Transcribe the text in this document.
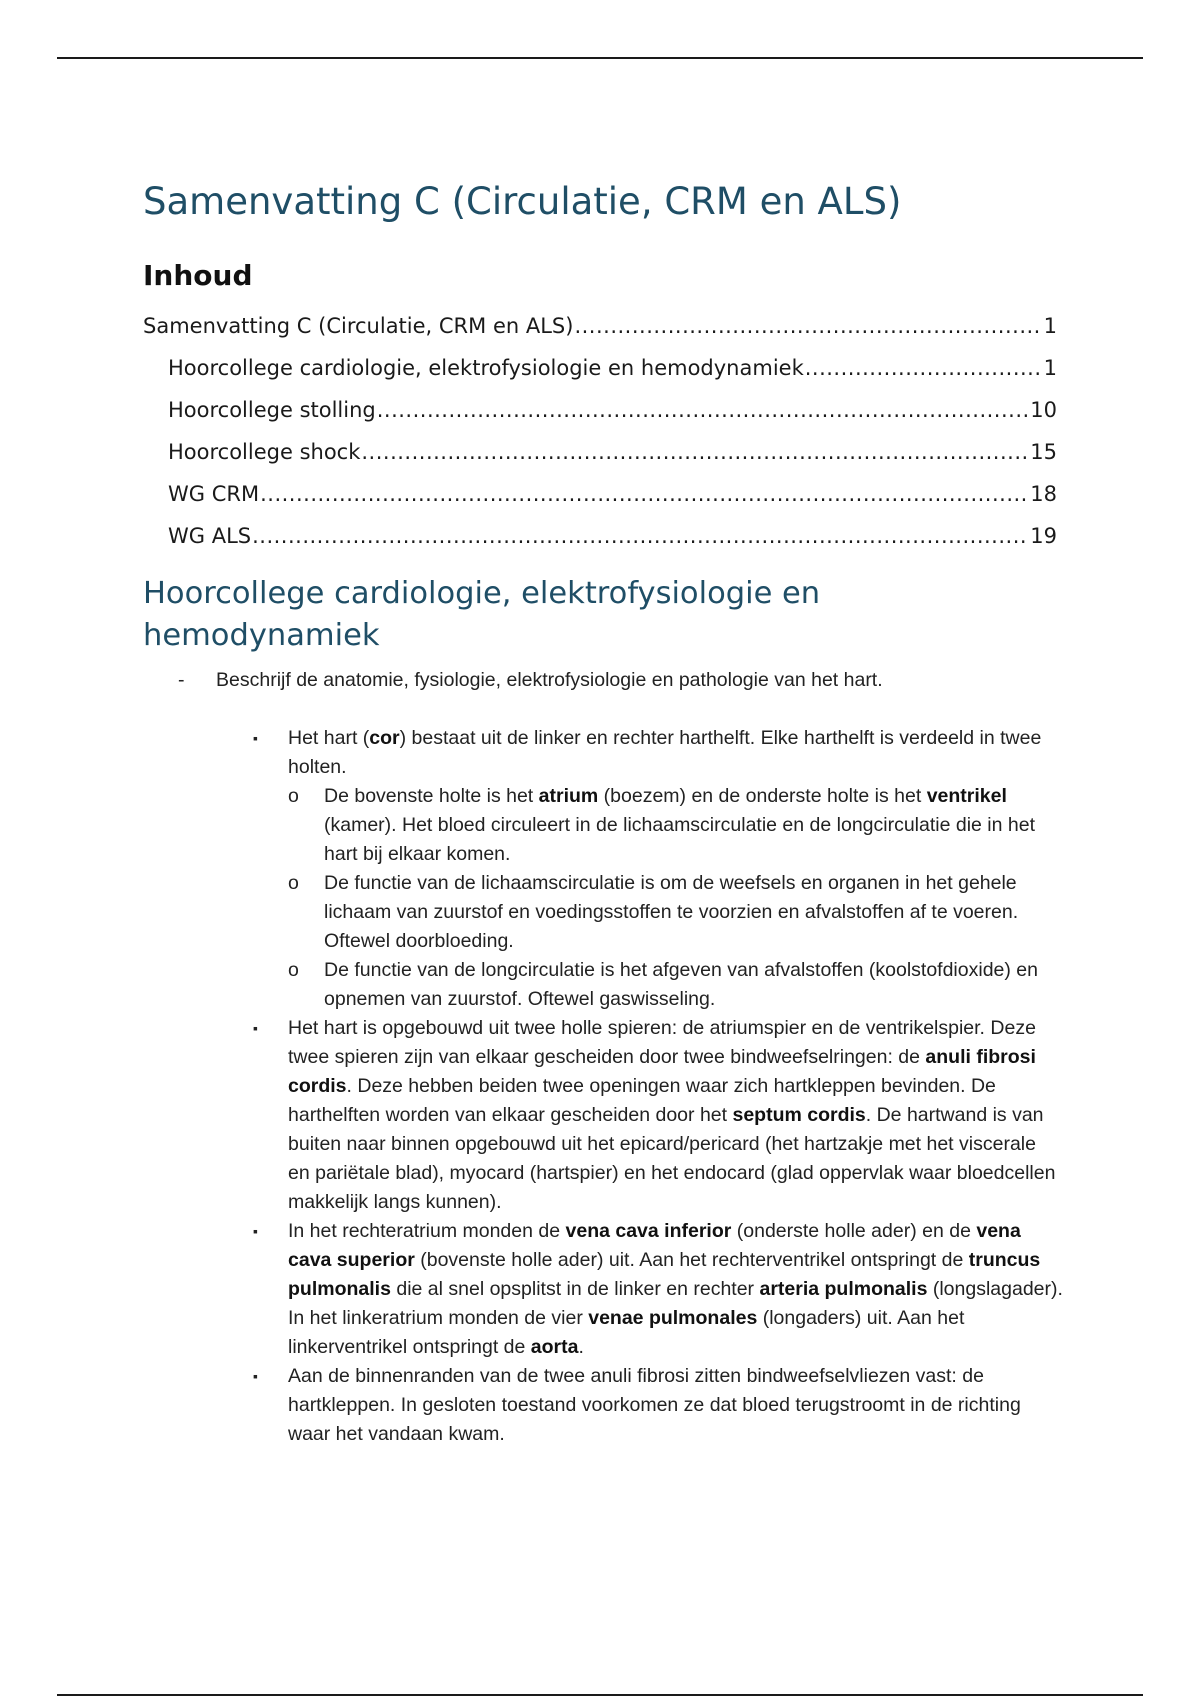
Samenvatting C (Circulatie, CRM en ALS)
Inhoud
Samenvatting C (Circulatie, CRM en ALS) .....	1
Hoorcollege cardiologie, elektrofysiologie en hemodynamiek .....	1
Hoorcollege stolling .....	10
Hoorcollege shock .....	15
WG CRM .....	18
WG ALS .....	19
Hoorcollege cardiologie, elektrofysiologie en hemodynamiek
- Beschrijf de anatomie, fysiologie, elektrofysiologie en pathologie van het hart.
▪	Het hart (cor) bestaat uit de linker en rechter harthelft. Elke harthelft is verdeeld in twee holten.
o De bovenste holte is het atrium (boezem) en de onderste holte is het ventrikel (kamer). Het bloed circuleert in de lichaamscirculatie en de longcirculatie die in het hart bij elkaar komen.
o De functie van de lichaamscirculatie is om de weefsels en organen in het gehele lichaam van zuurstof en voedingsstoffen te voorzien en afvalstoffen af te voeren. Oftewel doorbloeding.
o De functie van de longcirculatie is het afgeven van afvalstoffen (koolstofdioxide) en opnemen van zuurstof. Oftewel gaswisseling.
▪	Het hart is opgebouwd uit twee holle spieren: de atriumspier en de ventrikelspier. Deze twee spieren zijn van elkaar gescheiden door twee bindweefselringen: de anuli fibrosi cordis. Deze hebben beiden twee openingen waar zich hartkleppen bevinden. De harthelften worden van elkaar gescheiden door het septum cordis. De hartwand is van buiten naar binnen opgebouwd uit het epicard/pericard (het hartzakje met het viscerale en pariëtale blad), myocard (hartspier) en het endocard (glad oppervlak waar bloedcellen makkelijk langs kunnen).
▪	In het rechteratrium monden de vena cava inferior (onderste holle ader) en de vena cava superior (bovenste holle ader) uit. Aan het rechterventrikel ontspringt de truncus pulmonalis die al snel opsplitst in de linker en rechter arteria pulmonalis (longslagader). In het linkeratrium monden de vier venae pulmonales (longaders) uit. Aan het linkerventrikel ontspringt de aorta.
▪	Aan de binnenranden van de twee anuli fibrosi zitten bindweefselvliezen vast: de hartkleppen. In gesloten toestand voorkomen ze dat bloed terugstroomt in de richting waar het vandaan kwam.
